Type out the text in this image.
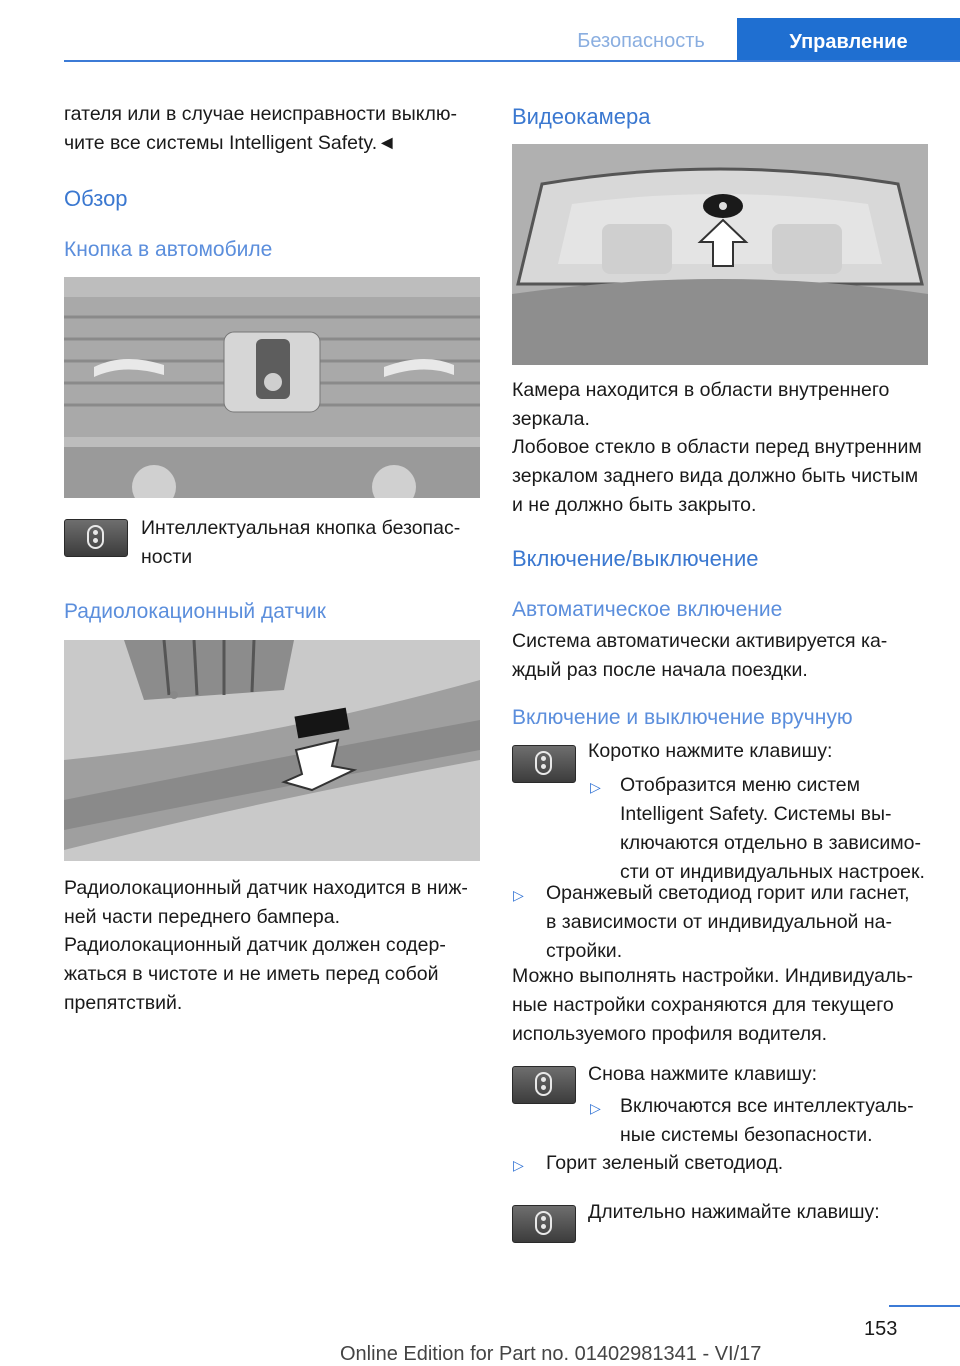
Безопасность	Управление

гателя или в случае неисправности выклю-

чите все системы Intelligent Safety.◄

Обзор
Кнопка в автомобиле

Интеллектуальная кнопка безопас-

ности

Радиолокационный датчик

Радиолокационный датчик находится в ниж-

ней части переднего бампера.

Радиолокационный датчик должен содер-

жаться в чистоте и не иметь перед собой

препятствий.

Видеокамера

Камера находится в области внутреннего

зеркала.

Лобовое стекло в области перед внутренним

зеркалом заднего вида должно быть чистым

и не должно быть закрыто.

Включение/выключение
Автоматическое включение

Система автоматически активируется ка-

ждый раз после начала поездки.

Включение и выключение вручную
Коротко нажмите клавишу:
▷ Отобразится меню систем

Intelligent Safety. Системы вы-

ключаются отдельно в зависимо-

сти от индивидуальных настроек.

▷ Оранжевый светодиод горит или гаснет,

в зависимости от индивидуальной на-

стройки.

Можно выполнять настройки. Индивидуаль-

ные настройки сохраняются для текущего

используемого профиля водителя.

Снова нажмите клавишу:
▷ Включаются все интеллектуаль-

ные системы безопасности.

▷ Горит зеленый светодиод.
Длительно нажимайте клавишу:
153
Online Edition for Part no. 01402981341 - VI/17
